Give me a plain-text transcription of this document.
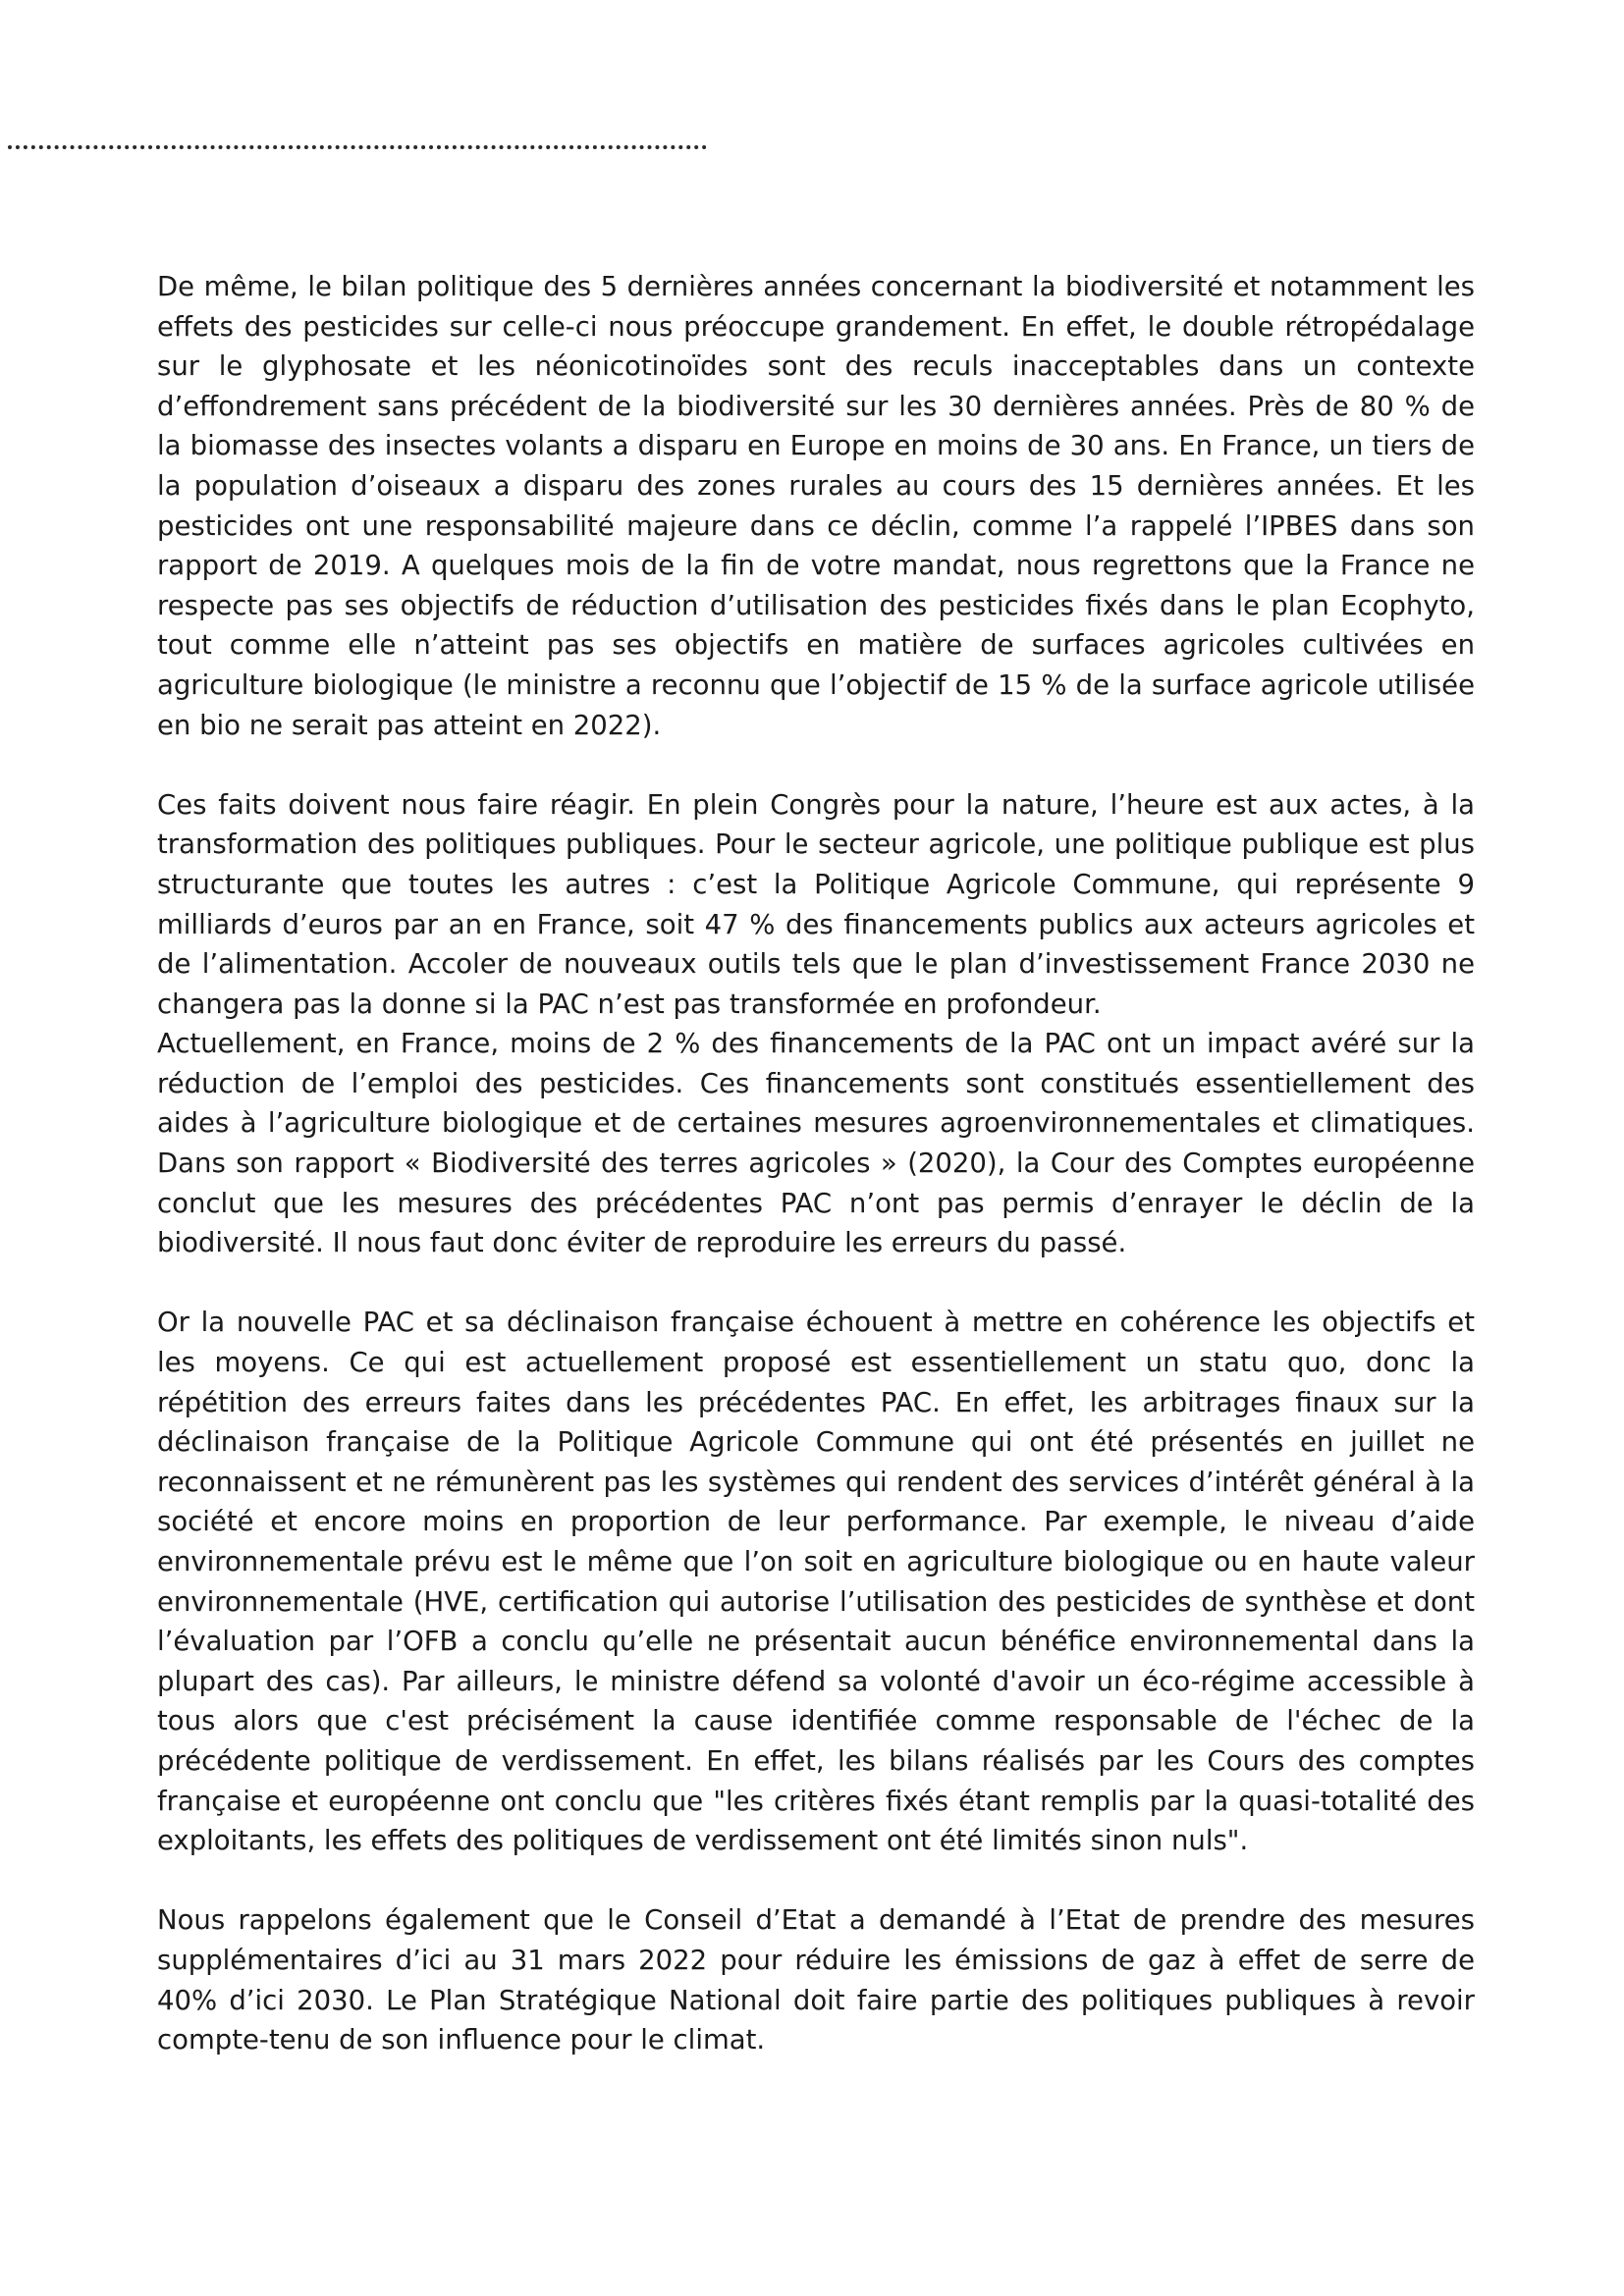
De même, le bilan politique des 5 dernières années concernant la biodiversité et notamment les effets des pesticides sur celle-ci nous préoccupe grandement. En effet, le double rétropédalage sur le glyphosate et les néonicotinoïdes sont des reculs inacceptables dans un contexte d’effondrement sans précédent de la biodiversité sur les 30 dernières années. Près de 80 % de la biomasse des insectes volants a disparu en Europe en moins de 30 ans. En France, un tiers de la population d’oiseaux a disparu des zones rurales au cours des 15 dernières années. Et les pesticides ont une responsabilité majeure dans ce déclin, comme l’a rappelé l’IPBES dans son rapport de 2019. A quelques mois de la fin de votre mandat, nous regrettons que la France ne respecte pas ses objectifs de réduction d’utilisation des pesticides fixés dans le plan Ecophyto, tout comme elle n’atteint pas ses objectifs en matière de surfaces agricoles cultivées en agriculture biologique (le ministre a reconnu que l’objectif de 15 % de la surface agricole utilisée en bio ne serait pas atteint en 2022).

Ces faits doivent nous faire réagir. En plein Congrès pour la nature, l’heure est aux actes, à la transformation des politiques publiques. Pour le secteur agricole, une politique publique est plus structurante que toutes les autres : c’est la Politique Agricole Commune, qui représente 9 milliards d’euros par an en France, soit 47 % des financements publics aux acteurs agricoles et de l’alimentation. Accoler de nouveaux outils tels que le plan d’investissement France 2030 ne changera pas la donne si la PAC n’est pas transformée en profondeur.

Actuellement, en France, moins de 2 % des financements de la PAC ont un impact avéré sur la réduction de l’emploi des pesticides. Ces financements sont constitués essentiellement des aides à l’agriculture biologique et de certaines mesures agroenvironnementales et climatiques. Dans son rapport « Biodiversité des terres agricoles » (2020), la Cour des Comptes européenne conclut que les mesures des précédentes PAC n’ont pas permis d’enrayer le déclin de la biodiversité. Il nous faut donc éviter de reproduire les erreurs du passé.

Or la nouvelle PAC et sa déclinaison française échouent à mettre en cohérence les objectifs et les moyens. Ce qui est actuellement proposé est essentiellement un statu quo, donc la répétition des erreurs faites dans les précédentes PAC. En effet, les arbitrages finaux sur la déclinaison française de la Politique Agricole Commune qui ont été présentés en juillet ne reconnaissent et ne rémunèrent pas les systèmes qui rendent des services d’intérêt général à la société et encore moins en proportion de leur performance. Par exemple, le niveau d’aide environnementale prévu est le même que l’on soit en agriculture biologique ou en haute valeur environnementale (HVE, certification qui autorise l’utilisation des pesticides de synthèse et dont l’évaluation par l’OFB a conclu qu’elle ne présentait aucun bénéfice environnemental dans la plupart des cas). Par ailleurs, le ministre défend sa volonté d'avoir un éco-régime accessible à tous alors que c'est précisément la cause identifiée comme responsable de l'échec de la précédente politique de verdissement. En effet, les bilans réalisés par les Cours des comptes française et européenne ont conclu que "les critères fixés étant remplis par la quasi-totalité des exploitants, les effets des politiques de verdissement ont été limités sinon nuls".

Nous rappelons également que le Conseil d’Etat a demandé à l’Etat de prendre des mesures supplémentaires d’ici au 31 mars 2022 pour réduire les émissions de gaz à effet de serre de 40% d’ici 2030. Le Plan Stratégique National doit faire partie des politiques publiques à revoir compte-tenu de son influence pour le climat.
